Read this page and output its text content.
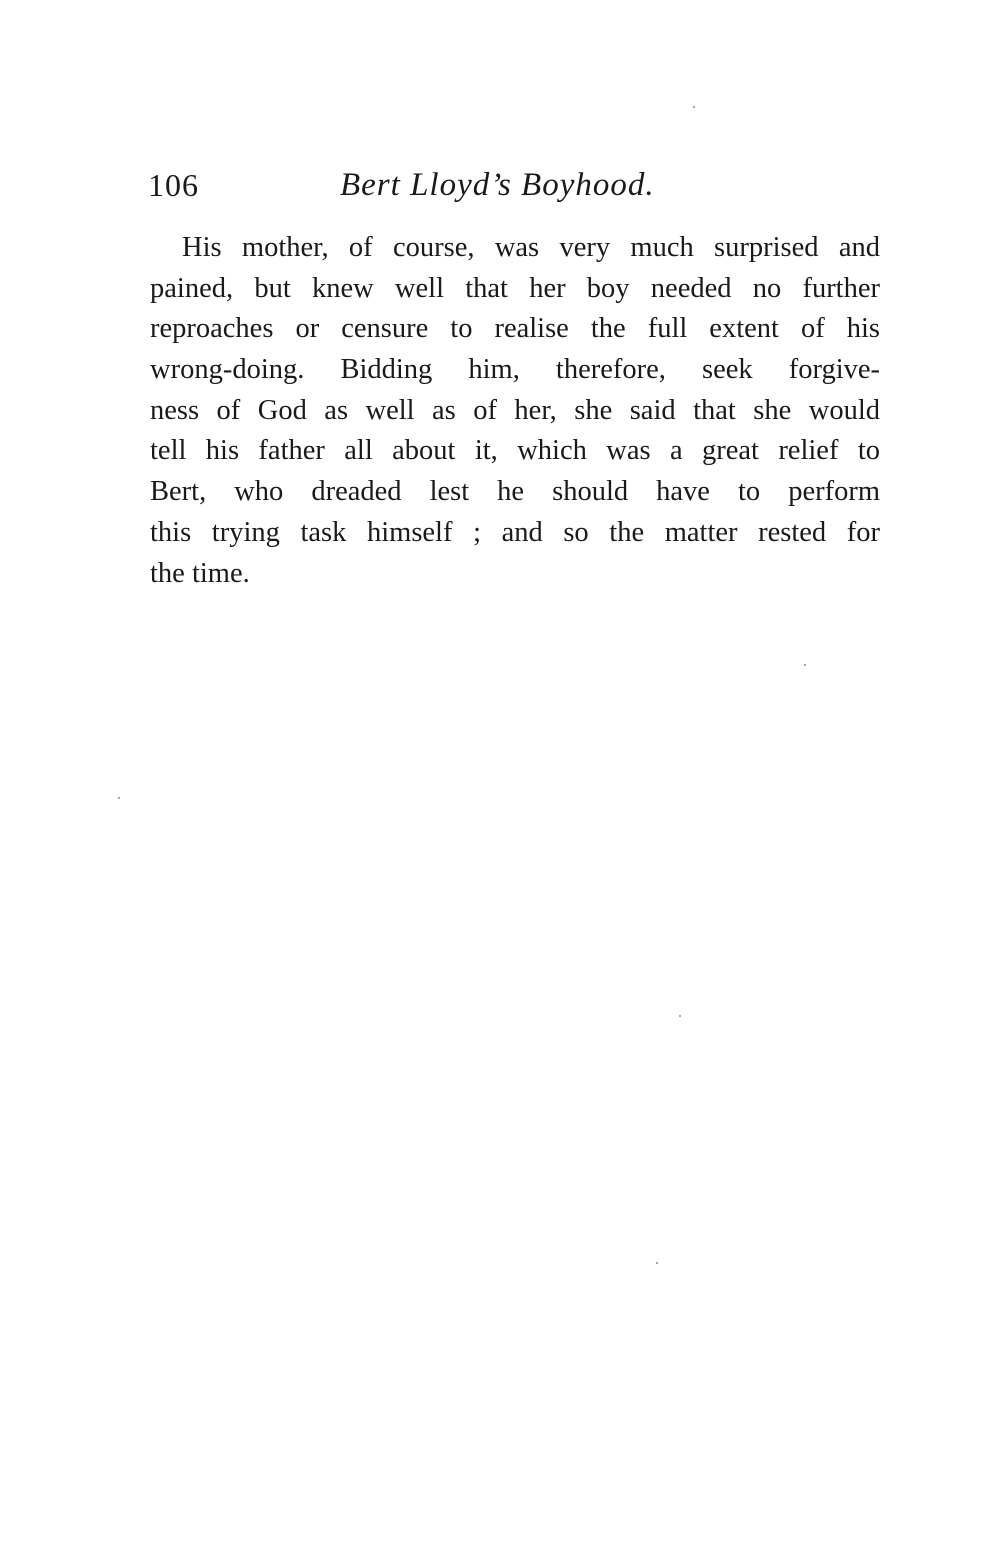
106	Bert Lloyd’s Boyhood.
His mother, of course, was very much surprised and
pained, but knew well that her boy needed no further
reproaches or censure to realise the full extent of his
wrong-doing. Bidding him, therefore, seek forgive-
ness of God as well as of her, she said that she would
tell his father all about it, which was a great relief to
Bert, who dreaded lest he should have to perform
this trying task himself ; and so the matter rested for
the time.
